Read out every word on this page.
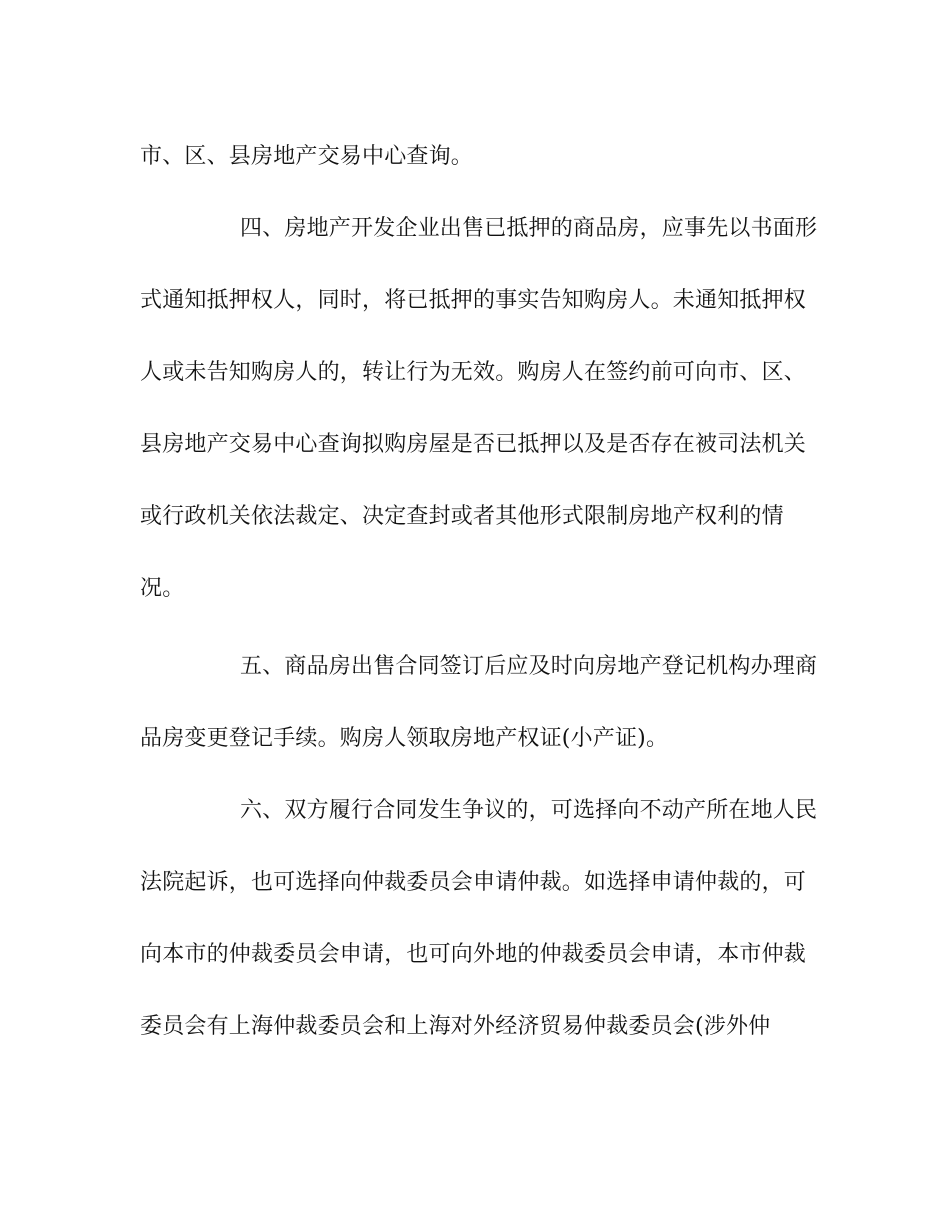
市、区、县房地产交易中心查询。
四、房地产开发企业出售已抵押的商品房，应事先以书面形
式通知抵押权人，同时，将已抵押的事实告知购房人。未通知抵押权
人或未告知购房人的，转让行为无效。购房人在签约前可向市、区、
县房地产交易中心查询拟购房屋是否已抵押以及是否存在被司法机关
或行政机关依法裁定、决定查封或者其他形式限制房地产权利的情
况。
五、商品房出售合同签订后应及时向房地产登记机构办理商
品房变更登记手续。购房人领取房地产权证(小产证)。
六、双方履行合同发生争议的，可选择向不动产所在地人民
法院起诉，也可选择向仲裁委员会申请仲裁。如选择申请仲裁的，可
向本市的仲裁委员会申请，也可向外地的仲裁委员会申请，本市仲裁
委员会有上海仲裁委员会和上海对外经济贸易仲裁委员会(涉外仲
